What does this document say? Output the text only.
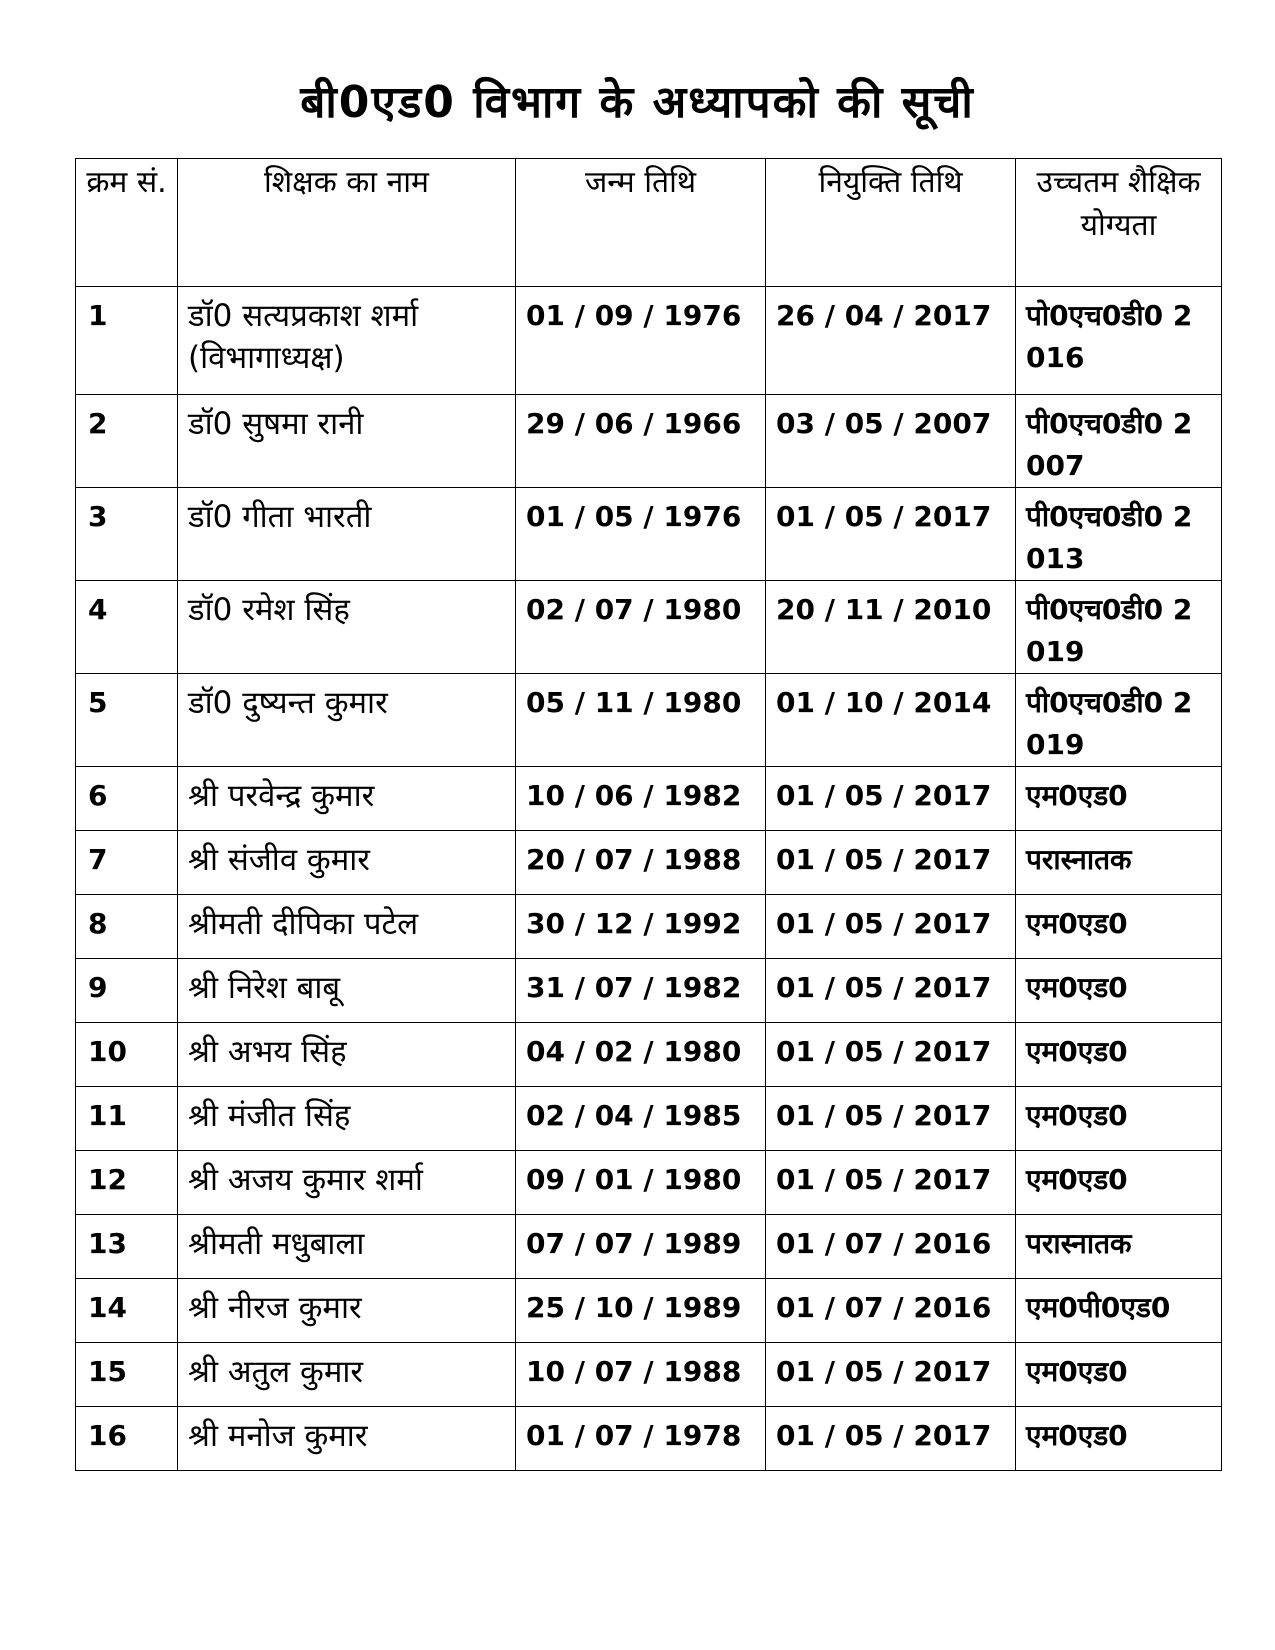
बी0एड0 विभाग के अध्यापको की सूची
क्रम सं.	शिक्षक का नाम	जन्म तिथि	नियुक्ति तिथि	उच्चतम शैक्षिक योग्यता
1	डॉ0 सत्यप्रकाश शर्मा (विभागाध्यक्ष)	01 / 09 / 1976	26 / 04 / 2017	पो0एच0डी0 2016
2	डॉ0 सुषमा रानी	29 / 06 / 1966	03 / 05 / 2007	पी0एच0डी0 2007
3	डॉ0 गीता भारती	01 / 05 / 1976	01 / 05 / 2017	पी0एच0डी0 2013
4	डॉ0 रमेश सिंह	02 / 07 / 1980	20 / 11 / 2010	पी0एच0डी0 2019
5	डॉ0 दुष्यन्त कुमार	05 / 11 / 1980	01 / 10 / 2014	पी0एच0डी0 2019
6	श्री परवेन्द्र कुमार	10 / 06 / 1982	01 / 05 / 2017	एम0एड0
7	श्री संजीव कुमार	20 / 07 / 1988	01 / 05 / 2017	परास्नातक
8	श्रीमती दीपिका पटेल	30 / 12 / 1992	01 / 05 / 2017	एम0एड0
9	श्री निरेश बाबू	31 / 07 / 1982	01 / 05 / 2017	एम0एड0
10	श्री अभय सिंह	04 / 02 / 1980	01 / 05 / 2017	एम0एड0
11	श्री मंजीत सिंह	02 / 04 / 1985	01 / 05 / 2017	एम0एड0
12	श्री अजय कुमार शर्मा	09 / 01 / 1980	01 / 05 / 2017	एम0एड0
13	श्रीमती मधुबाला	07 / 07 / 1989	01 / 07 / 2016	परास्नातक
14	श्री नीरज कुमार	25 / 10 / 1989	01 / 07 / 2016	एम0पी0एड0
15	श्री अतुल कुमार	10 / 07 / 1988	01 / 05 / 2017	एम0एड0
16	श्री मनोज कुमार	01 / 07 / 1978	01 / 05 / 2017	एम0एड0
